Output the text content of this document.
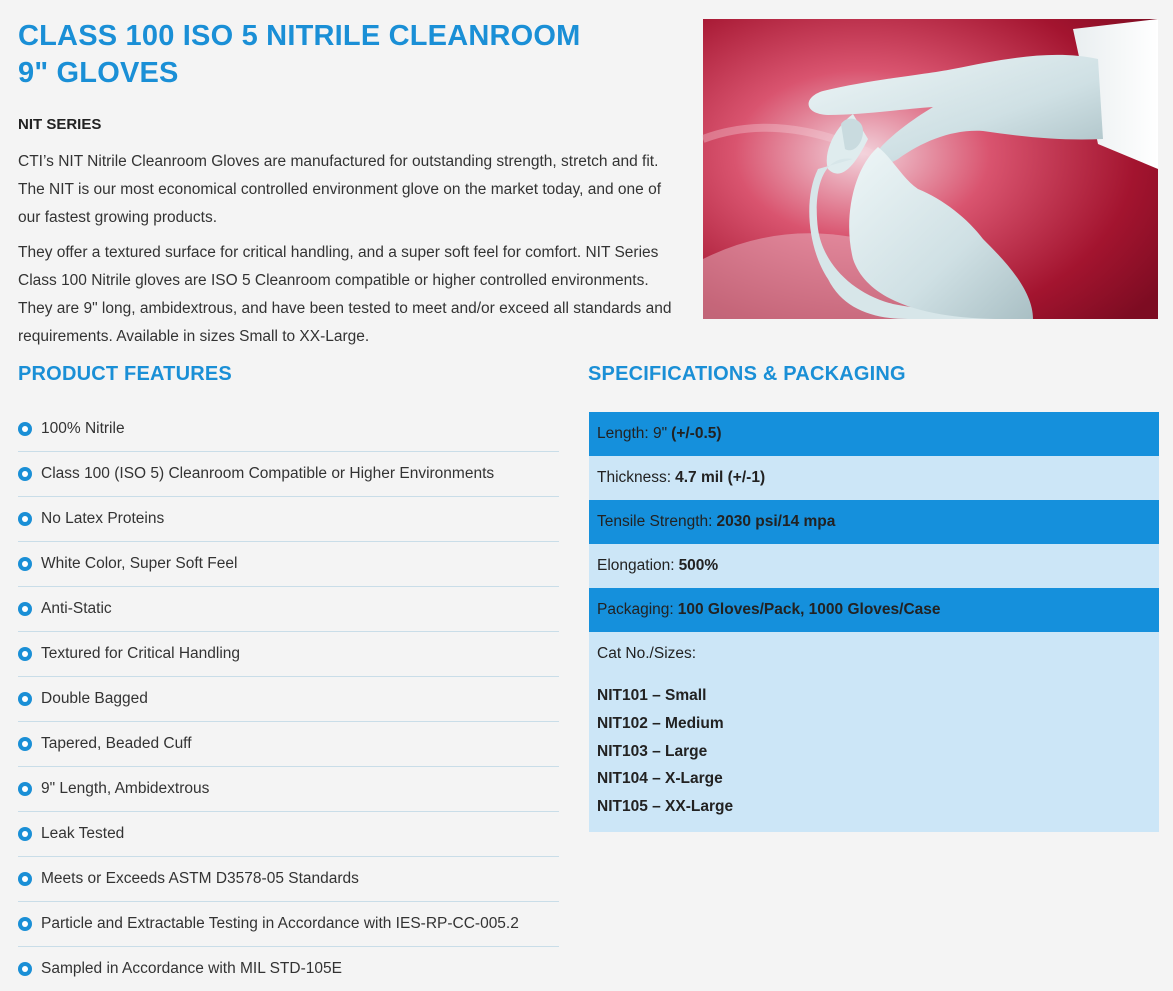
CLASS 100 ISO 5 NITRILE CLEANROOM
9" GLOVES
NIT SERIES

CTI’s NIT Nitrile Cleanroom Gloves are manufactured for outstanding strength, stretch and fit. The NIT is our most economical controlled environment glove on the market today, and one of our fastest growing products.

They offer a textured surface for critical handling, and a super soft feel for comfort. NIT Series Class 100 Nitrile gloves are ISO 5 Cleanroom compatible or higher controlled environments. They are 9" long, ambidextrous, and have been tested to meet and/or exceed all standards and requirements. Available in sizes Small to XX-Large.

PRODUCT FEATURES	SPECIFICATIONS & PACKAGING
100% Nitrile
Class 100 (ISO 5) Cleanroom Compatible or Higher Environments
No Latex Proteins
White Color, Super Soft Feel
Anti-Static
Textured for Critical Handling
Double Bagged
Tapered, Beaded Cuff
9" Length, Ambidextrous
Leak Tested
Meets or Exceeds ASTM D3578-05 Standards
Particle and Extractable Testing in Accordance with IES-RP-CC-005.2
Sampled in Accordance with MIL STD-105E
Length: 9" (+/-0.5)
Thickness: 4.7 mil (+/-1)
Tensile Strength: 2030 psi/14 mpa
Elongation: 500%
Packaging: 100 Gloves/Pack, 1000 Gloves/Case
Cat No./Sizes:
NIT101 – Small
NIT102 – Medium
NIT103 – Large
NIT104 – X-Large
NIT105 – XX-Large
